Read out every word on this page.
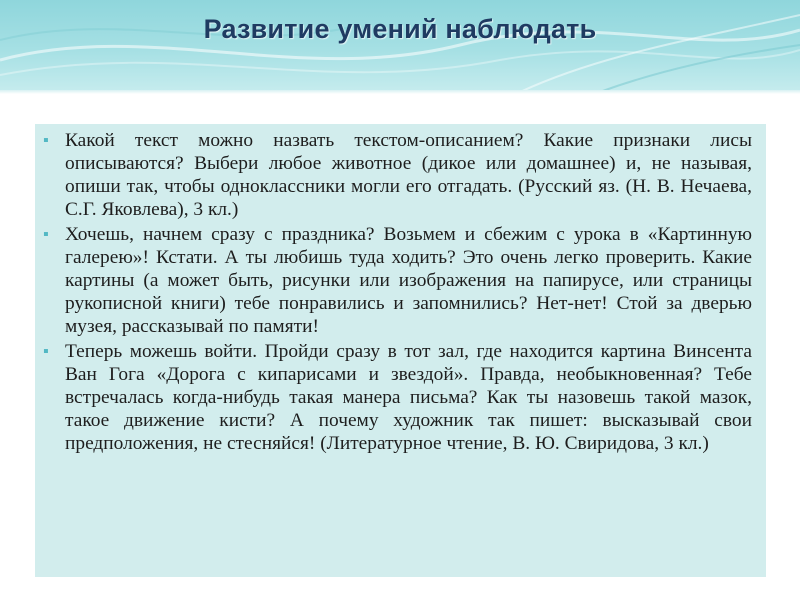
Развитие умений наблюдать
▪ Какой текст можно назвать текстом-описанием? Какие признаки лисы описываются? Выбери любое животное (дикое или домашнее) и, не называя, опиши так, чтобы одноклассники могли его отгадать. (Русский яз. (Н. В. Нечаева, С.Г. Яковлева), 3 кл.)
▪ Хочешь, начнем сразу с праздника? Возьмем и сбежим с урока в «Картинную галерею»! Кстати. А ты любишь туда ходить? Это очень легко проверить. Какие картины (а может быть, рисунки или изображения на папирусе, или страницы рукописной книги) тебе понравились и запомнились? Нет-нет! Стой за дверью музея, рассказывай по памяти!
▪ Теперь можешь войти. Пройди сразу в тот зал, где находится картина Винсента Ван Гога «Дорога с кипарисами и звездой». Правда, необыкновенная? Тебе встречалась когда-нибудь такая манера письма? Как ты назовешь такой мазок, такое движение кисти? А почему художник так пишет: высказывай свои предположения, не стесняйся! (Литературное чтение, В. Ю. Свиридова, 3 кл.)
